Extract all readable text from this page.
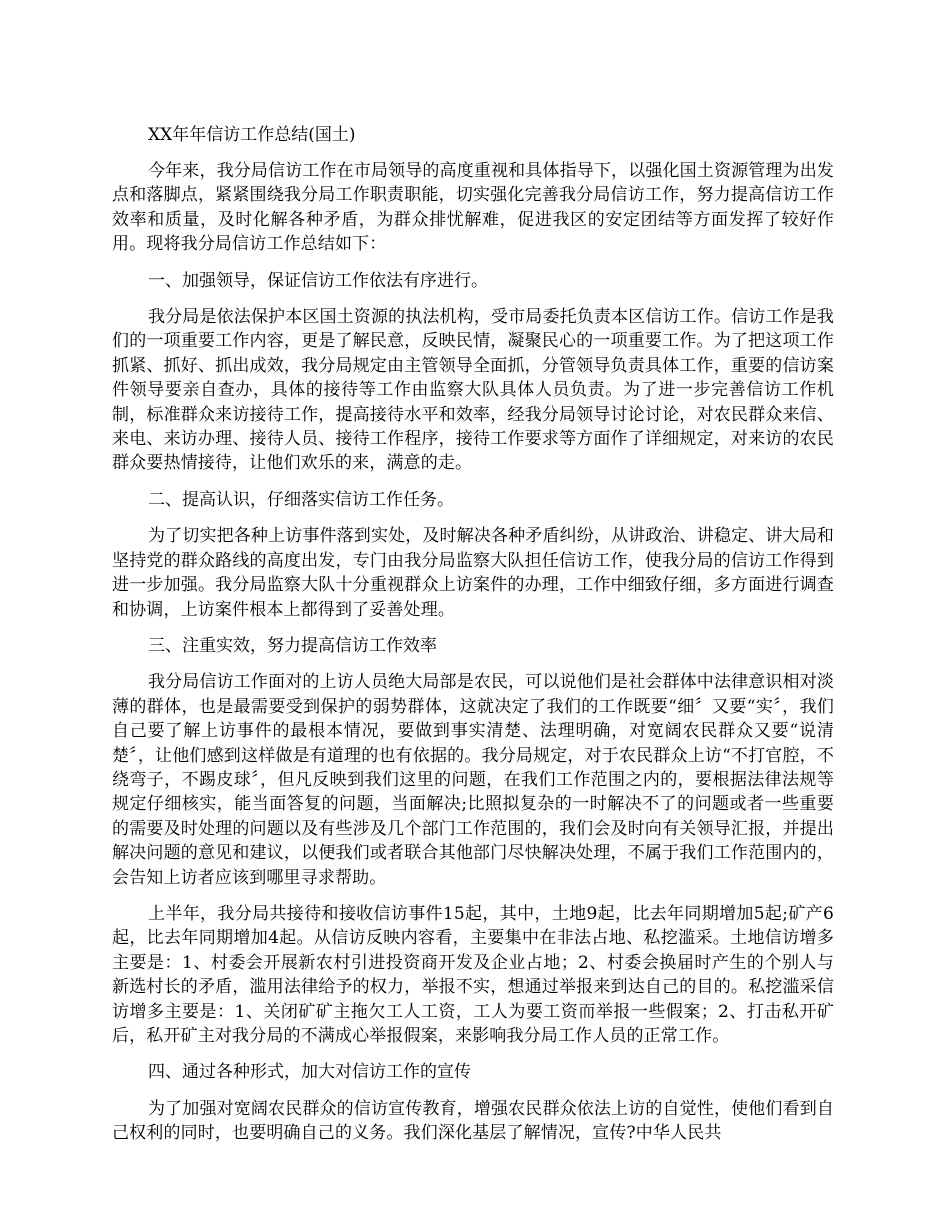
XX年年信访工作总结(国土)

今年来，我分局信访工作在市局领导的高度重视和具体指导下，以强化国土资源管理为出发点和落脚点，紧紧围绕我分局工作职责职能，切实强化完善我分局信访工作，努力提高信访工作效率和质量，及时化解各种矛盾，为群众排忧解难，促进我区的安定团结等方面发挥了较好作用。现将我分局信访工作总结如下：

一、加强领导，保证信访工作依法有序进行。

我分局是依法保护本区国土资源的执法机构，受市局委托负责本区信访工作。信访工作是我们的一项重要工作内容，更是了解民意，反映民情，凝聚民心的一项重要工作。为了把这项工作抓紧、抓好、抓出成效，我分局规定由主管领导全面抓，分管领导负责具体工作，重要的信访案件领导要亲自查办，具体的接待等工作由监察大队具体人员负责。为了进一步完善信访工作机制，标准群众来访接待工作，提高接待水平和效率，经我分局领导讨论讨论，对农民群众来信、来电、来访办理、接待人员、接待工作程序，接待工作要求等方面作了详细规定，对来访的农民群众要热情接待，让他们欢乐的来，满意的走。

二、提高认识，仔细落实信访工作任务。

为了切实把各种上访事件落到实处，及时解决各种矛盾纠纷，从讲政治、讲稳定、讲大局和坚持党的群众路线的高度出发，专门由我分局监察大队担任信访工作，使我分局的信访工作得到进一步加强。我分局监察大队十分重视群众上访案件的办理，工作中细致仔细，多方面进行调查和协调，上访案件根本上都得到了妥善处理。

三、注重实效，努力提高信访工作效率

我分局信访工作面对的上访人员绝大局部是农民，可以说他们是社会群体中法律意识相对淡薄的群体，也是最需要受到保护的弱势群体，这就决定了我们的工作既要“细〞又要“实〞，我们自己要了解上访事件的最根本情况，要做到事实清楚、法理明确，对宽阔农民群众又要“说清楚〞，让他们感到这样做是有道理的也有依据的。我分局规定，对于农民群众上访“不打官腔，不绕弯子，不踢皮球〞，但凡反映到我们这里的问题，在我们工作范围之内的，要根据法律法规等规定仔细核实，能当面答复的问题，当面解决;比照拟复杂的一时解决不了的问题或者一些重要的需要及时处理的问题以及有些涉及几个部门工作范围的，我们会及时向有关领导汇报，并提出解决问题的意见和建议，以便我们或者联合其他部门尽快解决处理，不属于我们工作范围内的，会告知上访者应该到哪里寻求帮助。

上半年，我分局共接待和接收信访事件15起，其中，土地9起，比去年同期增加5起;矿产6起，比去年同期增加4起。从信访反映内容看，主要集中在非法占地、私挖滥采。土地信访增多主要是：1、村委会开展新农村引进投资商开发及企业占地；2、村委会换届时产生的个别人与新选村长的矛盾，滥用法律给予的权力，举报不实，想通过举报来到达自己的目的。私挖滥采信访增多主要是：1、关闭矿矿主拖欠工人工资，工人为要工资而举报一些假案；2、打击私开矿后，私开矿主对我分局的不满成心举报假案，来影响我分局工作人员的正常工作。

四、通过各种形式，加大对信访工作的宣传

为了加强对宽阔农民群众的信访宣传教育，增强农民群众依法上访的自觉性，使他们看到自己权利的同时，也要明确自己的义务。我们深化基层了解情况，宣传?中华人民共
